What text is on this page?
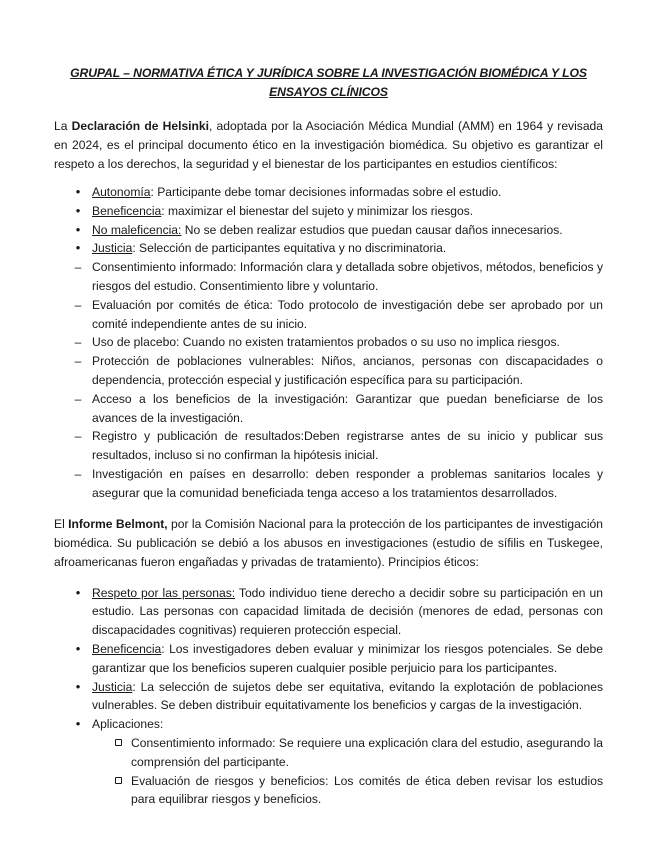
GRUPAL – NORMATIVA ÉTICA Y JURÍDICA SOBRE LA INVESTIGACIÓN BIOMÉDICA Y LOS ENSAYOS CLÍNICOS

La Declaración de Helsinki, adoptada por la Asociación Médica Mundial (AMM) en 1964 y revisada en 2024, es el principal documento ético en la investigación biomédica. Su objetivo es garantizar el respeto a los derechos, la seguridad y el bienestar de los participantes en estudios científicos:

•
Autonomía: Participante debe tomar decisiones informadas sobre el estudio.
•
Beneficencia: maximizar el bienestar del sujeto y minimizar los riesgos.
•
No maleficencia: No se deben realizar estudios que puedan causar daños innecesarios.
•
Justicia: Selección de participantes equitativa y no discriminatoria.
–
Consentimiento informado: Información clara y detallada sobre objetivos, métodos, beneficios y riesgos del estudio. Consentimiento libre y voluntario.
–
Evaluación por comités de ética: Todo protocolo de investigación debe ser aprobado por un comité independiente antes de su inicio.
–
Uso de placebo: Cuando no existen tratamientos probados o su uso no implica riesgos.
–
Protección de poblaciones vulnerables: Niños, ancianos, personas con discapacidades o dependencia, protección especial y justificación específica para su participación.
–
Acceso a los beneficios de la investigación: Garantizar que puedan beneficiarse de los avances de la investigación.
–
Registro y publicación de resultados:Deben registrarse antes de su inicio y publicar sus resultados, incluso si no confirman la hipótesis inicial.
–
Investigación en países en desarrollo: deben responder a problemas sanitarios locales y asegurar que la comunidad beneficiada tenga acceso a los tratamientos desarrollados.

El Informe Belmont, por la Comisión Nacional para la protección de los participantes de investigación biomédica. Su publicación se debió a los abusos en investigaciones (estudio de sífilis en Tuskegee, afroamericanas fueron engañadas y privadas de tratamiento). Principios éticos:

•
Respeto por las personas: Todo individuo tiene derecho a decidir sobre su participación en un estudio. Las personas con capacidad limitada de decisión (menores de edad, personas con discapacidades cognitivas) requieren protección especial.
•
Beneficencia: Los investigadores deben evaluar y minimizar los riesgos potenciales. Se debe garantizar que los beneficios superen cualquier posible perjuicio para los participantes.
•
Justicia: La selección de sujetos debe ser equitativa, evitando la explotación de poblaciones vulnerables. Se deben distribuir equitativamente los beneficios y cargas de la investigación.
•
Aplicaciones:
Consentimiento informado: Se requiere una explicación clara del estudio, asegurando la comprensión del participante.
Evaluación de riesgos y beneficios: Los comités de ética deben revisar los estudios para equilibrar riesgos y beneficios.
